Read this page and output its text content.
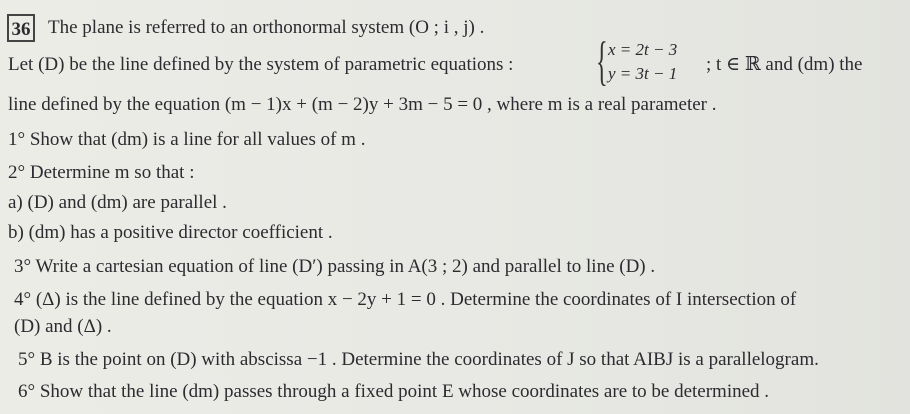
36 The plane is referred to an orthonormal system (O ; i , j) .
Let (D) be the line defined by the system of parametric equations : { x = 2t − 3
y = 3t − 1 ; t ∈ ℝ and (dm) the
line defined by the equation (m − 1)x + (m − 2)y + 3m − 5 = 0 , where m is a real parameter .
1° Show that (dm) is a line for all values of m .
2° Determine m so that :
a) (D) and (dm) are parallel .
b) (dm) has a positive director coefficient .
3° Write a cartesian equation of line (D′) passing in A(3 ; 2) and parallel to line (D) .
4° (Δ) is the line defined by the equation x − 2y + 1 = 0 . Determine the coordinates of I intersection of
(D) and (Δ) .
5° B is the point on (D) with abscissa −1 . Determine the coordinates of J so that AIBJ is a parallelogram.
6° Show that the line (dm) passes through a fixed point E whose coordinates are to be determined .
